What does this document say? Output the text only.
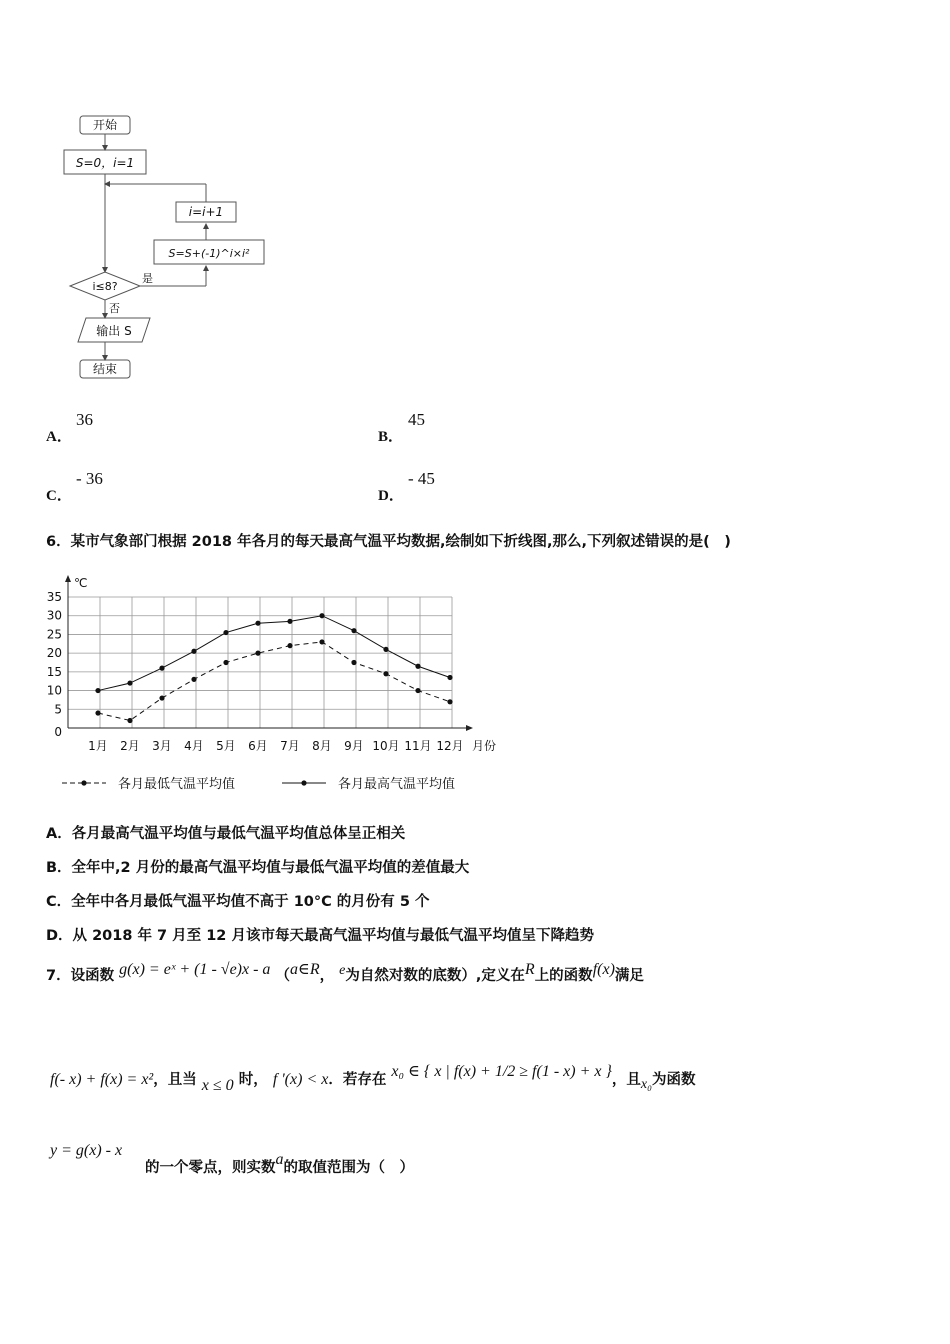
开始
S=0，i=1
i=i+1
S=S+(-1)^i×i²
i≤8?
是
否
输出 S
结束
A．
36
B．
45
C．
- 36
D．
- 45
6．某市气象部门根据 2018 年各月的每天最高气温平均数据,绘制如下折线图,那么,下列叙述错误的是(　)
℃
0
5
10
15
20
25
30
35
1月 2月 3月 4月 5月 6月 7月 8月 9月 10月 11月 12月 月份
各月最低气温平均值	各月最高气温平均值
A．各月最高气温平均值与最低气温平均值总体呈正相关
B．全年中,2 月份的最高气温平均值与最低气温平均值的差值最大
C．全年中各月最低气温平均值不高于 10°C 的月份有 5 个
D．从 2018 年 7 月至 12 月该市每天最高气温平均值与最低气温平均值呈下降趋势
7．设函数 g(x) = eˣ + (1 - √e)x - a （a∈R， e为自然对数的底数）,定义在R上的函数f(x)满足
f(- x) + f(x) = x²，且当 x ≤ 0 时， f '(x) < x．若存在 x₀ ∈ { x | f(x) + 1/2 ≥ f(1 - x) + x }，且x₀为函数
y = g(x) - x
的一个零点，则实数a的取值范围为（　）
